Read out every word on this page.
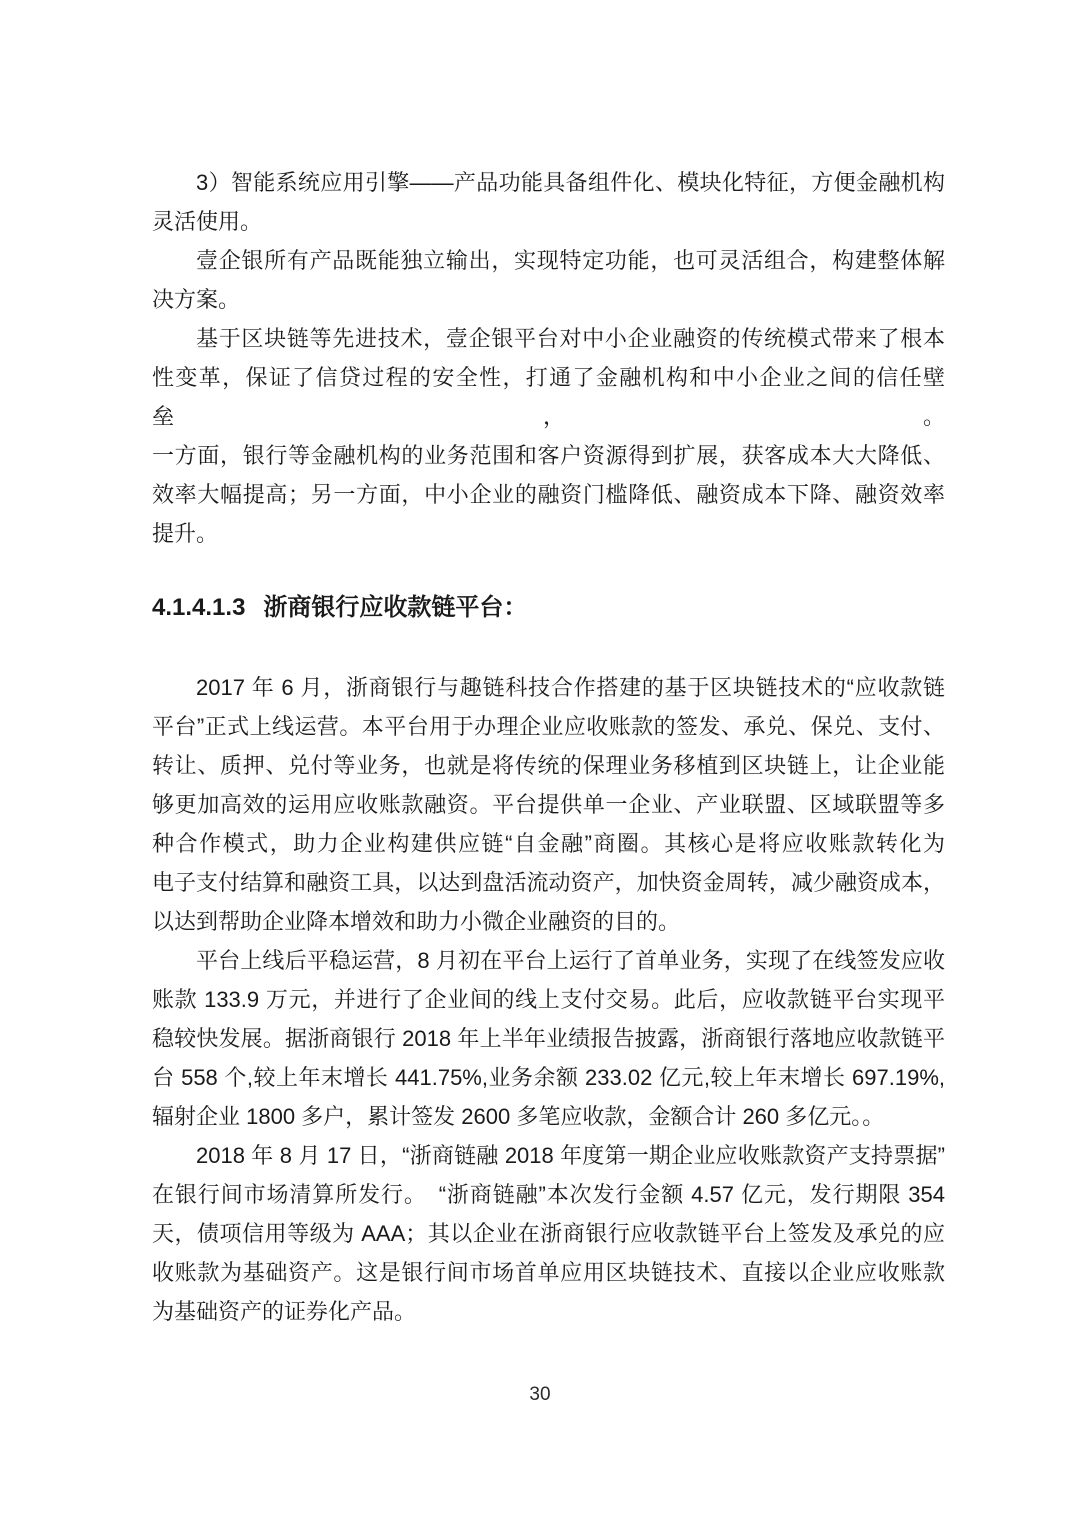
3）智能系统应用引擎——产品功能具备组件化、模块化特征，方便金融机构
灵活使用。
壹企银所有产品既能独立输出，实现特定功能，也可灵活组合，构建整体解
决方案。
基于区块链等先进技术，壹企银平台对中小企业融资的传统模式带来了根本
性变革，保证了信贷过程的安全性，打通了金融机构和中小企业之间的信任壁垒，。
一方面，银行等金融机构的业务范围和客户资源得到扩展，获客成本大大降低、
效率大幅提高；另一方面，中小企业的融资门槛降低、融资成本下降、融资效率
提升。
4.1.4.1.3 浙商银行应收款链平台：
2017 年 6 月，浙商银行与趣链科技合作搭建的基于区块链技术的“应收款链
平台”正式上线运营。本平台用于办理企业应收账款的签发、承兑、保兑、支付、
转让、质押、兑付等业务，也就是将传统的保理业务移植到区块链上，让企业能
够更加高效的运用应收账款融资。平台提供单一企业、产业联盟、区域联盟等多
种合作模式，助力企业构建供应链“自金融”商圈。其核心是将应收账款转化为
电子支付结算和融资工具，以达到盘活流动资产，加快资金周转，减少融资成本，
以达到帮助企业降本增效和助力小微企业融资的目的。
平台上线后平稳运营，8 月初在平台上运行了首单业务，实现了在线签发应收
账款 133.9 万元，并进行了企业间的线上支付交易。此后，应收款链平台实现平
稳较快发展。据浙商银行 2018 年上半年业绩报告披露，浙商银行落地应收款链平
台 558 个,较上年末增长 441.75%,业务余额 233.02 亿元,较上年末增长 697.19%,
辐射企业 1800 多户，累计签发 2600 多笔应收款，金额合计 260 多亿元。。
2018 年 8 月 17 日，“浙商链融 2018 年度第一期企业应收账款资产支持票据”
在银行间市场清算所发行。　“浙商链融”本次发行金额 4.57 亿元，发行期限 354
天，债项信用等级为 AAA；其以企业在浙商银行应收款链平台上签发及承兑的应
收账款为基础资产。这是银行间市场首单应用区块链技术、直接以企业应收账款
为基础资产的证券化产品。
30
